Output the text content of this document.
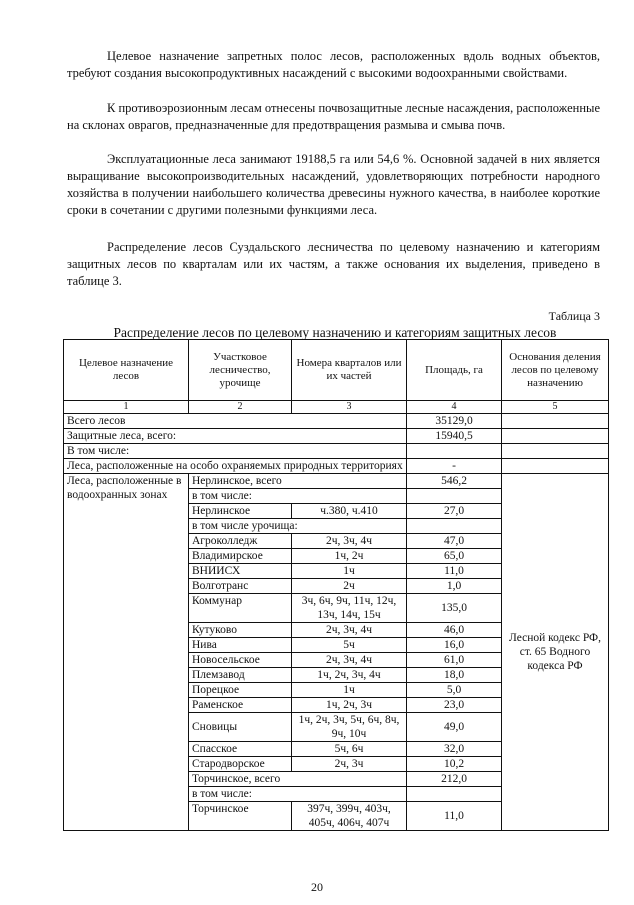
Целевое назначение запретных полос лесов, расположенных вдоль водных объектов, требуют создания высокопродуктивных насаждений с высокими водоохранными свойствами.
К противоэрозионным лесам отнесены почвозащитные лесные насаждения, расположенные на склонах оврагов, предназначенные для предотвращения размыва и смыва почв.
Эксплуатационные леса занимают 19188,5 га или 54,6 %. Основной задачей в них является выращивание высокопроизводительных насаждений, удовлетворяющих потребности народного хозяйства в получении наибольшего количества древесины нужного качества, в наиболее короткие сроки в сочетании с другими полезными функциями леса.
Распределение лесов Суздальского лесничества по целевому назначению и категориям защитных лесов по кварталам или их частям, а также основания их выделения, приведено в таблице 3.
Таблица 3
Распределение лесов по целевому назначению и категориям защитных лесов
Целевое назначение лесов	Участковое лесничество, урочище	Номера кварталов или их частей	Площадь, га	Основания деления лесов по целевому назначению
1	2	3	4	5
Всего лесов			35129,0	
Защитные леса, всего:			15940,5	
В том числе:				
Леса, расположенные на особо охраняемых природных территориях			-	
Леса, расположенные в водоохранных зонах	Нерлинское, всего		546,2	Лесной кодекс РФ, ст. 65 Водного кодекса РФ
	в том числе:			
	Нерлинское	ч.380, ч.410	27,0	
	в том числе урочища:			
	Агроколледж	2ч, 3ч, 4ч	47,0	
	Владимирское	1ч, 2ч	65,0	
	ВНИИСХ	1ч	11,0	
	Волготранс	2ч	1,0	
	Коммунар	3ч, 6ч, 9ч, 11ч, 12ч, 13ч, 14ч, 15ч	135,0	
	Кутуково	2ч, 3ч, 4ч	46,0	
	Нива	5ч	16,0	
	Новосельское	2ч, 3ч, 4ч	61,0	
	Племзавод	1ч, 2ч, 3ч, 4ч	18,0	
	Порецкое	1ч	5,0	
	Раменское	1ч, 2ч, 3ч	23,0	
	Сновицы	1ч, 2ч, 3ч, 5ч, 6ч, 8ч, 9ч, 10ч	49,0	
	Спасское	5ч, 6ч	32,0	
	Стародворское	2ч, 3ч	10,2	
	Торчинское, всего		212,0	
	в том числе:			
	Торчинское	397ч, 399ч, 403ч, 405ч, 406ч, 407ч	11,0	
20
